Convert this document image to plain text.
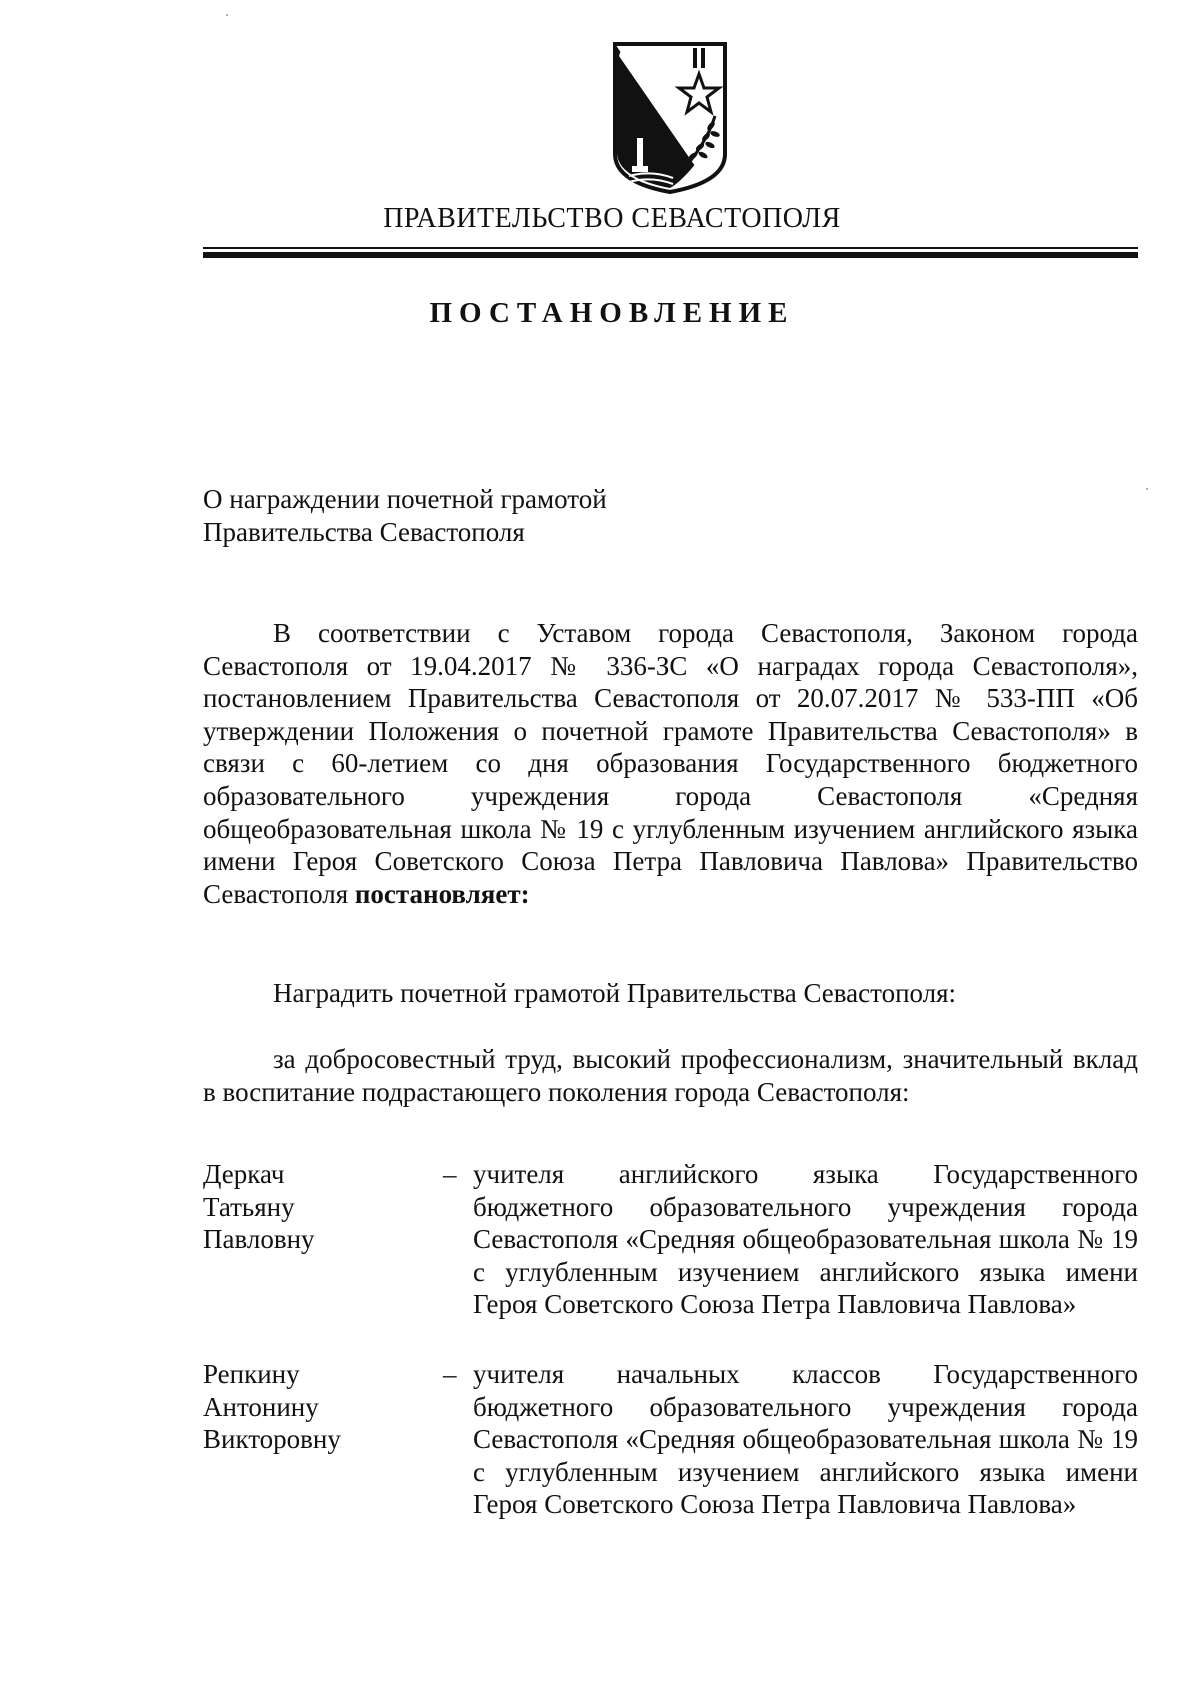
ПРАВИТЕЛЬСТВО СЕВАСТОПОЛЯ
ПОСТАНОВЛЕНИЕ
О награждении почетной грамотой
Правительства Севастополя
В соответствии с Уставом города Севастополя, Законом города Севастополя от 19.04.2017 № 336-ЗС «О наградах города Севастополя», постановлением Правительства Севастополя от 20.07.2017 № 533-ПП «Об утверждении Положения о почетной грамоте Правительства Севастополя» в связи с 60-летием со дня образования Государственного бюджетного образовательного учреждения города Севастополя «Средняя общеобразовательная школа № 19 с углубленным изучением английского языка имени Героя Советского Союза Петра Павловича Павлова» Правительство Севастополя постановляет:
Наградить почетной грамотой Правительства Севастополя:
за добросовестный труд, высокий профессионализм, значительный вклад в воспитание подрастающего поколения города Севастополя:
Деркач
Татьяну
Павловну
– учителя английского языка Государственного бюджетного образовательного учреждения города Севастополя «Средняя общеобразовательная школа № 19 с углубленным изучением английского языка имени Героя Советского Союза Петра Павловича Павлова»
Репкину
Антонину
Викторовну
– учителя начальных классов Государственного бюджетного образовательного учреждения города Севастополя «Средняя общеобразовательная школа № 19 с углубленным изучением английского языка имени Героя Советского Союза Петра Павловича Павлова»
